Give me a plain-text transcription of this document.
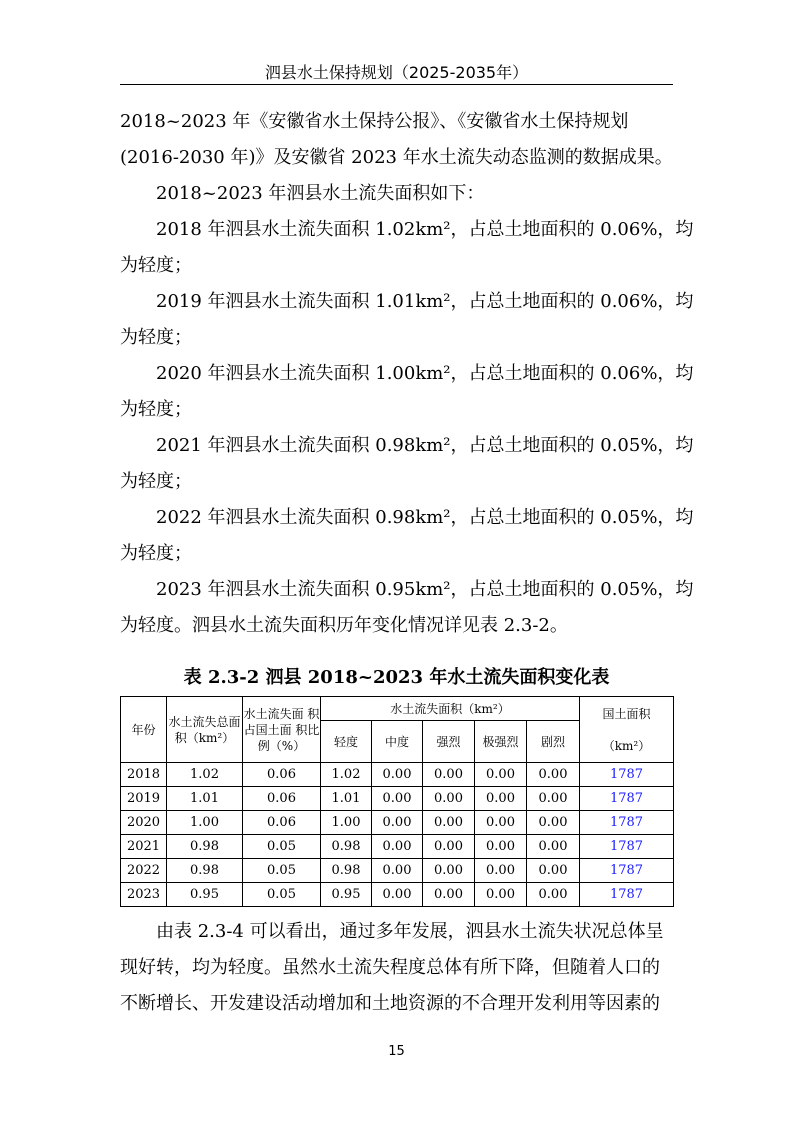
泗县水土保持规划（2025-2035年）

2018~2023 年《安徽省水土保持公报》、《安徽省水土保持规划
(2016-2030 年)》及安徽省 2023 年水土流失动态监测的数据成果。

2018~2023 年泗县水土流失面积如下：

2018 年泗县水土流失面积 1.02km²，占总土地面积的 0.06%，均
为轻度；

2019 年泗县水土流失面积 1.01km²，占总土地面积的 0.06%，均
为轻度；

2020 年泗县水土流失面积 1.00km²，占总土地面积的 0.06%，均
为轻度；

2021 年泗县水土流失面积 0.98km²，占总土地面积的 0.05%，均
为轻度；

2022 年泗县水土流失面积 0.98km²，占总土地面积的 0.05%，均
为轻度；

2023 年泗县水土流失面积 0.95km²，占总土地面积的 0.05%，均
为轻度。泗县水土流失面积历年变化情况详见表 2.3-2。

表 2.3-2 泗县 2018~2023 年水土流失面积变化表
年份	水土流失总面积（km²）	水土流失面 积占国土面 积比例（%）	水土流失面积（km²）					国土面积

（km²）
			轻度	中度	强烈	极强烈	剧烈	
2018	1.02	0.06	1.02	0.00	0.00	0.00	0.00	1787
2019	1.01	0.06	1.01	0.00	0.00	0.00	0.00	1787
2020	1.00	0.06	1.00	0.00	0.00	0.00	0.00	1787
2021	0.98	0.05	0.98	0.00	0.00	0.00	0.00	1787
2022	0.98	0.05	0.98	0.00	0.00	0.00	0.00	1787
2023	0.95	0.05	0.95	0.00	0.00	0.00	0.00	1787

由表 2.3-4 可以看出，通过多年发展，泗县水土流失状况总体呈
现好转，均为轻度。虽然水土流失程度总体有所下降，但随着人口的
不断增长、开发建设活动增加和土地资源的不合理开发利用等因素的

15
